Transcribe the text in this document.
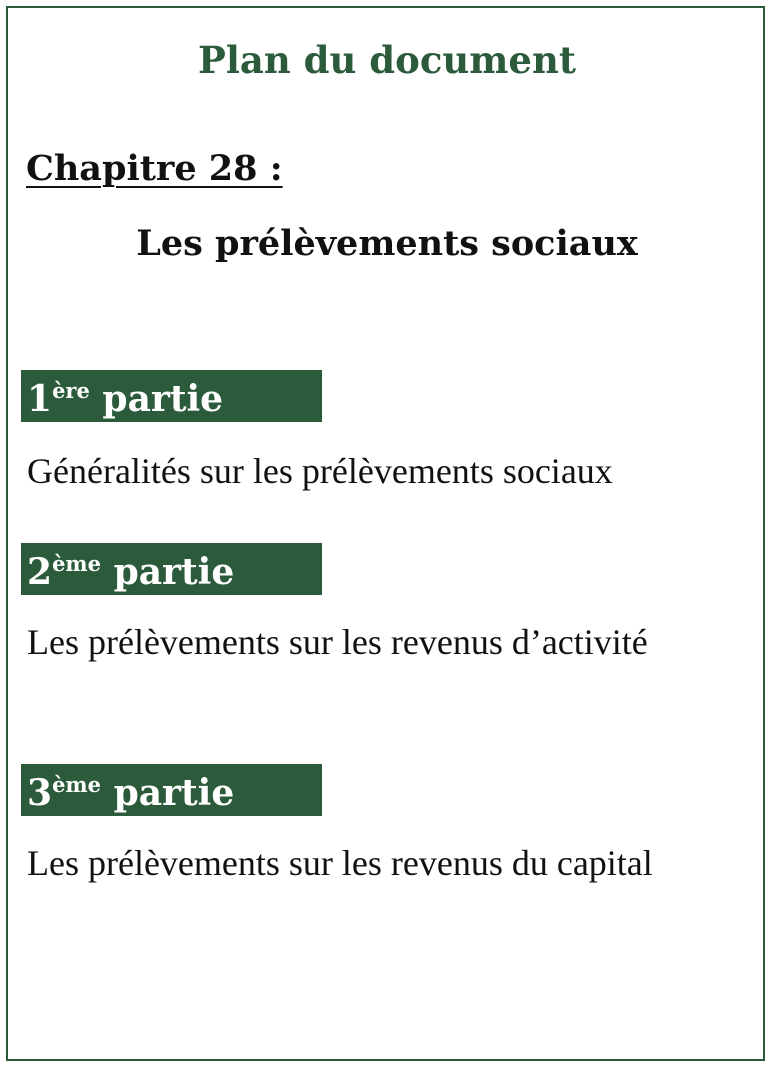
Plan du document
Chapitre 28 :
Les prélèvements sociaux
1ère partie
Généralités sur les prélèvements sociaux
2ème partie
Les prélèvements sur les revenus d’activité
3ème partie
Les prélèvements sur les revenus du capital
